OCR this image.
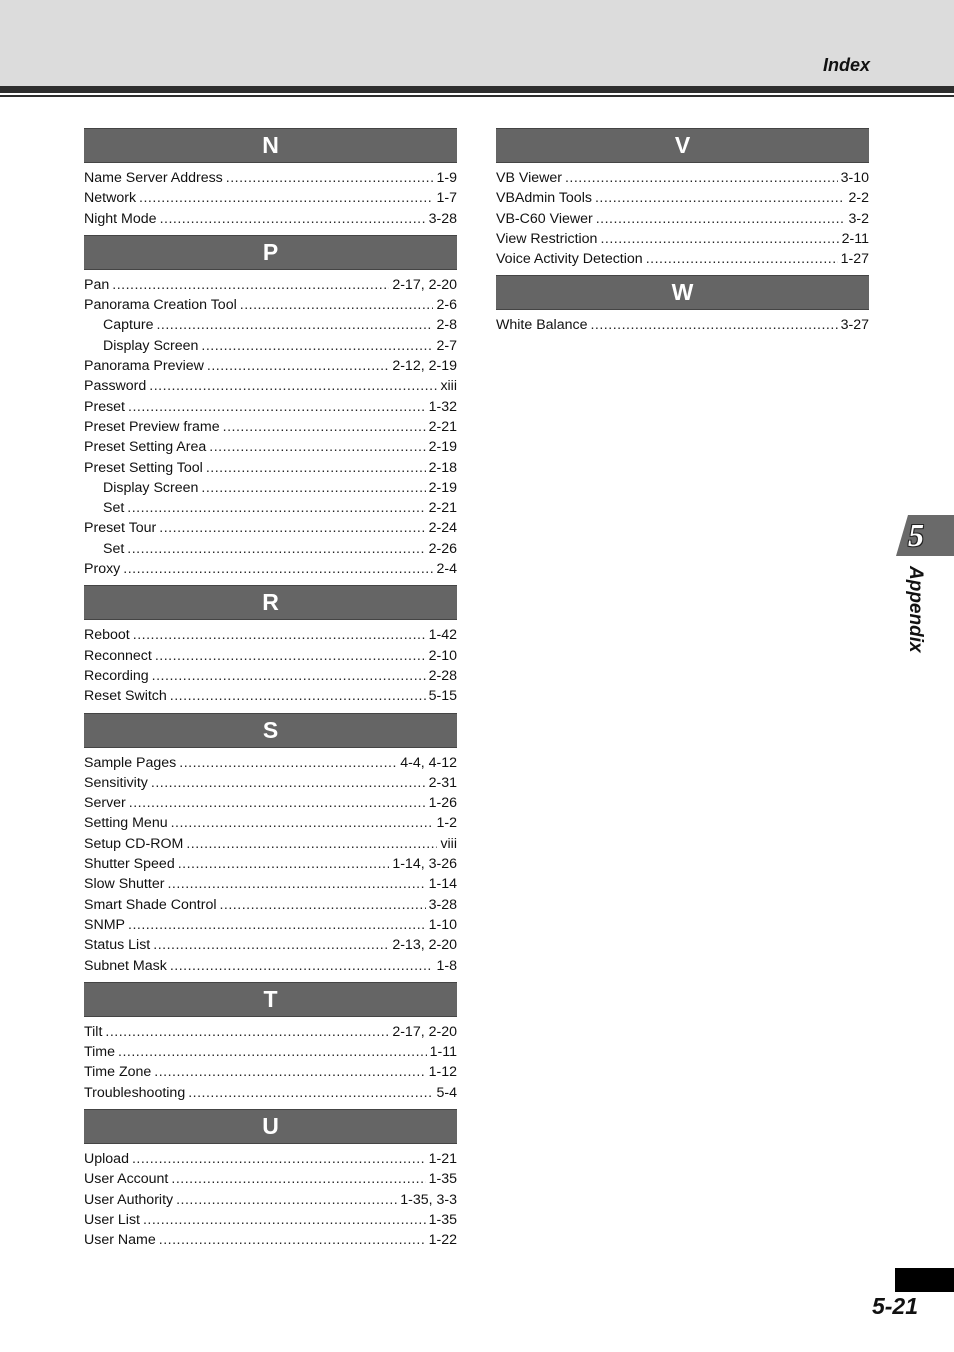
Index
N
Name Server Address .....	1-9
Network .....	1-7
Night Mode .....	3-28
P
Pan .....	2-17, 2-20
Panorama Creation Tool .....	2-6
Capture .....	2-8
Display Screen .....	2-7
Panorama Preview .....	2-12, 2-19
Password .....	xiii
Preset .....	1-32
Preset Preview frame .....	2-21
Preset Setting Area .....	2-19
Preset Setting Tool .....	2-18
Display Screen .....	2-19
Set .....	2-21
Preset Tour .....	2-24
Set .....	2-26
Proxy .....	2-4
R
Reboot .....	1-42
Reconnect .....	2-10
Recording .....	2-28
Reset Switch .....	5-15
S
Sample Pages .....	4-4, 4-12
Sensitivity .....	2-31
Server .....	1-26
Setting Menu .....	1-2
Setup CD-ROM .....	viii
Shutter Speed .....	1-14, 3-26
Slow Shutter .....	1-14
Smart Shade Control .....	3-28
SNMP .....	1-10
Status List .....	2-13, 2-20
Subnet Mask .....	1-8
T
Tilt .....	2-17, 2-20
Time .....	1-11
Time Zone .....	1-12
Troubleshooting .....	5-4
U
Upload .....	1-21
User Account .....	1-35
User Authority .....	1-35, 3-3
User List .....	1-35
User Name .....	1-22
V
VB Viewer .....	3-10
VBAdmin Tools .....	2-2
VB-C60 Viewer .....	3-2
View Restriction .....	2-11
Voice Activity Detection .....	1-27
W
White Balance .....	3-27
5
Appendix
5-21
